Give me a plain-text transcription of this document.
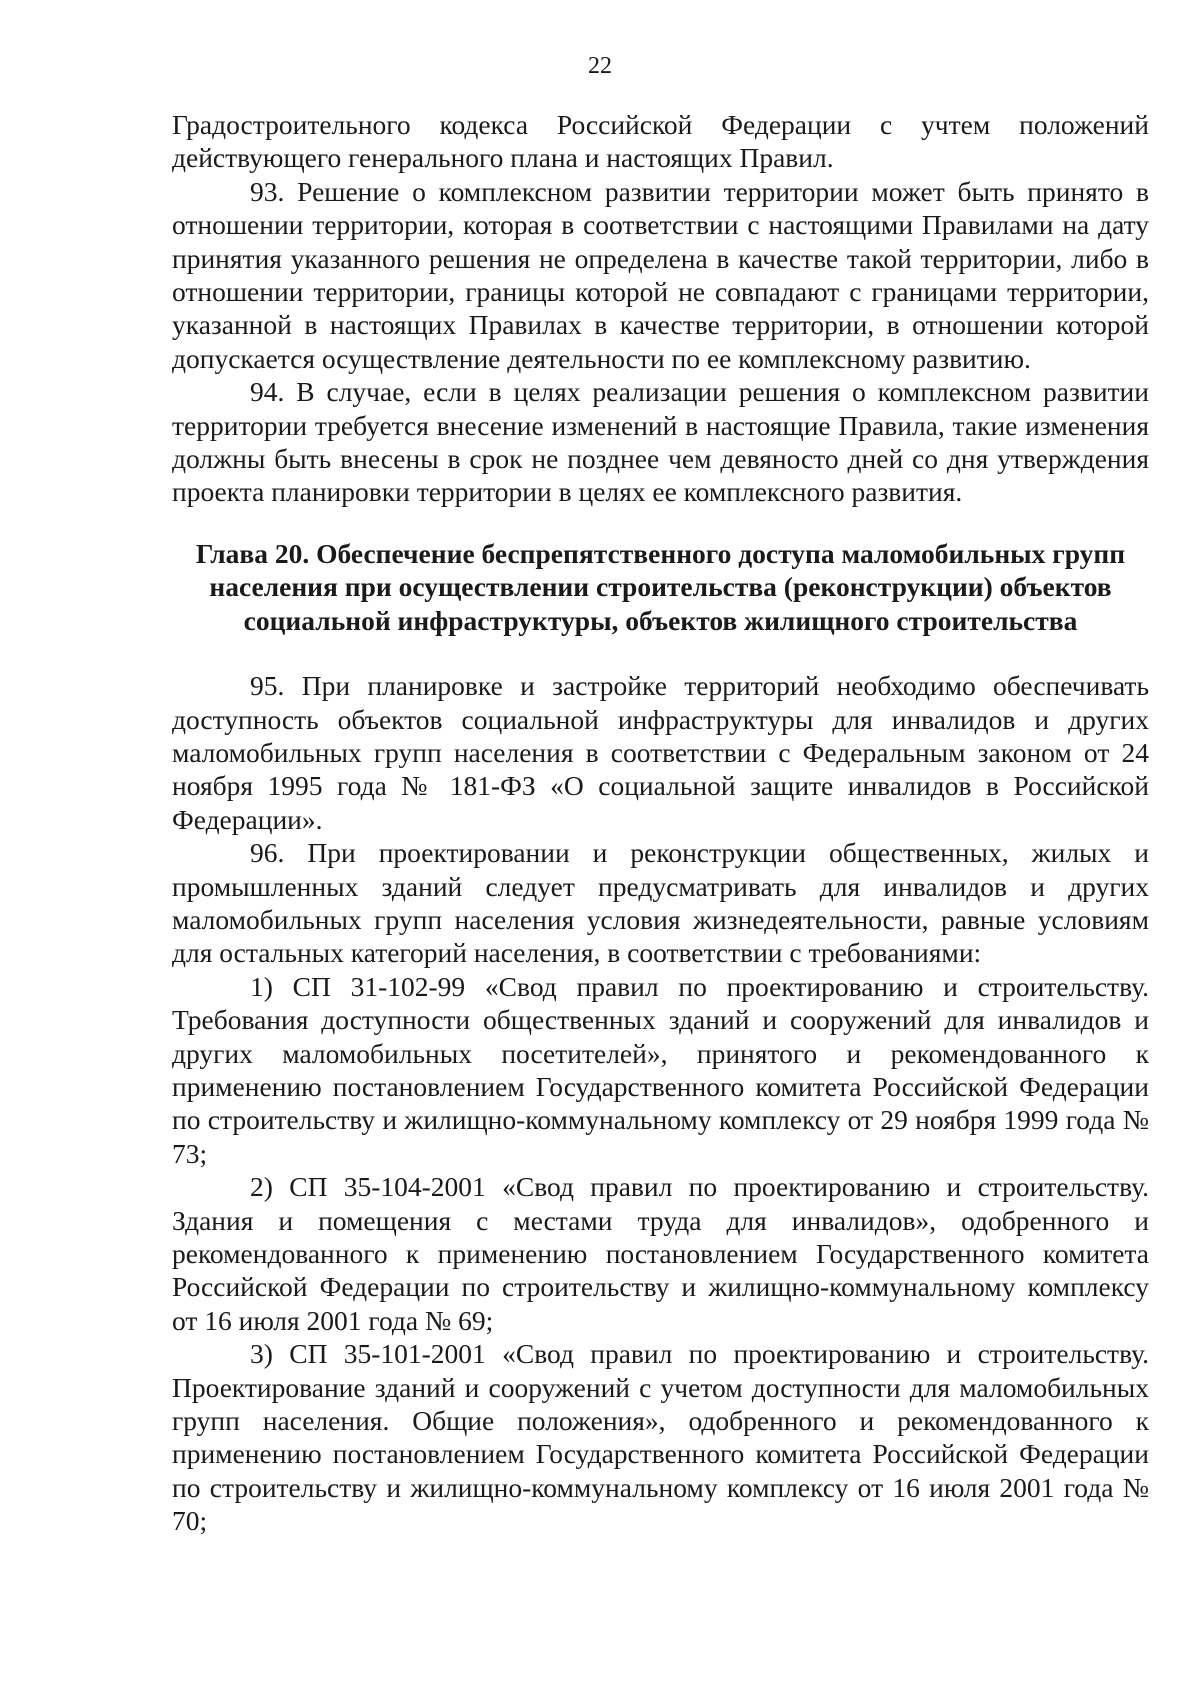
22

Градостроительного кодекса Российской Федерации с учтем положений действующего генерального плана и настоящих Правил.

93. Решение о комплексном развитии территории может быть принято в отношении территории, которая в соответствии с настоящими Правилами на дату принятия указанного решения не определена в качестве такой территории, либо в отношении территории, границы которой не совпадают с границами территории, указанной в настоящих Правилах в качестве территории, в отношении которой допускается осуществление деятельности по ее комплексному развитию.

94. В случае, если в целях реализации решения о комплексном развитии территории требуется внесение изменений в настоящие Правила, такие изменения должны быть внесены в срок не позднее чем девяносто дней со дня утверждения проекта планировки территории в целях ее комплексного развития.

Глава 20. Обеспечение беспрепятственного доступа маломобильных групп населения при осуществлении строительства (реконструкции) объектов социальной инфраструктуры, объектов жилищного строительства

95. При планировке и застройке территорий необходимо обеспечивать доступность объектов социальной инфраструктуры для инвалидов и других маломобильных групп населения в соответствии с Федеральным законом от 24 ноября 1995 года № 181-ФЗ «О социальной защите инвалидов в Российской Федерации».

96. При проектировании и реконструкции общественных, жилых и промышленных зданий следует предусматривать для инвалидов и других маломобильных групп населения условия жизнедеятельности, равные условиям для остальных категорий населения, в соответствии с требованиями:

1) СП 31-102-99 «Свод правил по проектированию и строительству. Требования доступности общественных зданий и сооружений для инвалидов и других маломобильных посетителей», принятого и рекомендованного к применению постановлением Государственного комитета Российской Федерации по строительству и жилищно-коммунальному комплексу от 29 ноября 1999 года № 73;

2) СП 35-104-2001 «Свод правил по проектированию и строительству. Здания и помещения с местами труда для инвалидов», одобренного и рекомендованного к применению постановлением Государственного комитета Российской Федерации по строительству и жилищно-коммунальному комплексу от 16 июля 2001 года № 69;

3) СП 35-101-2001 «Свод правил по проектированию и строительству. Проектирование зданий и сооружений с учетом доступности для маломобильных групп населения. Общие положения», одобренного и рекомендованного к применению постановлением Государственного комитета Российской Федерации по строительству и жилищно-коммунальному комплексу от 16 июля 2001 года № 70;
